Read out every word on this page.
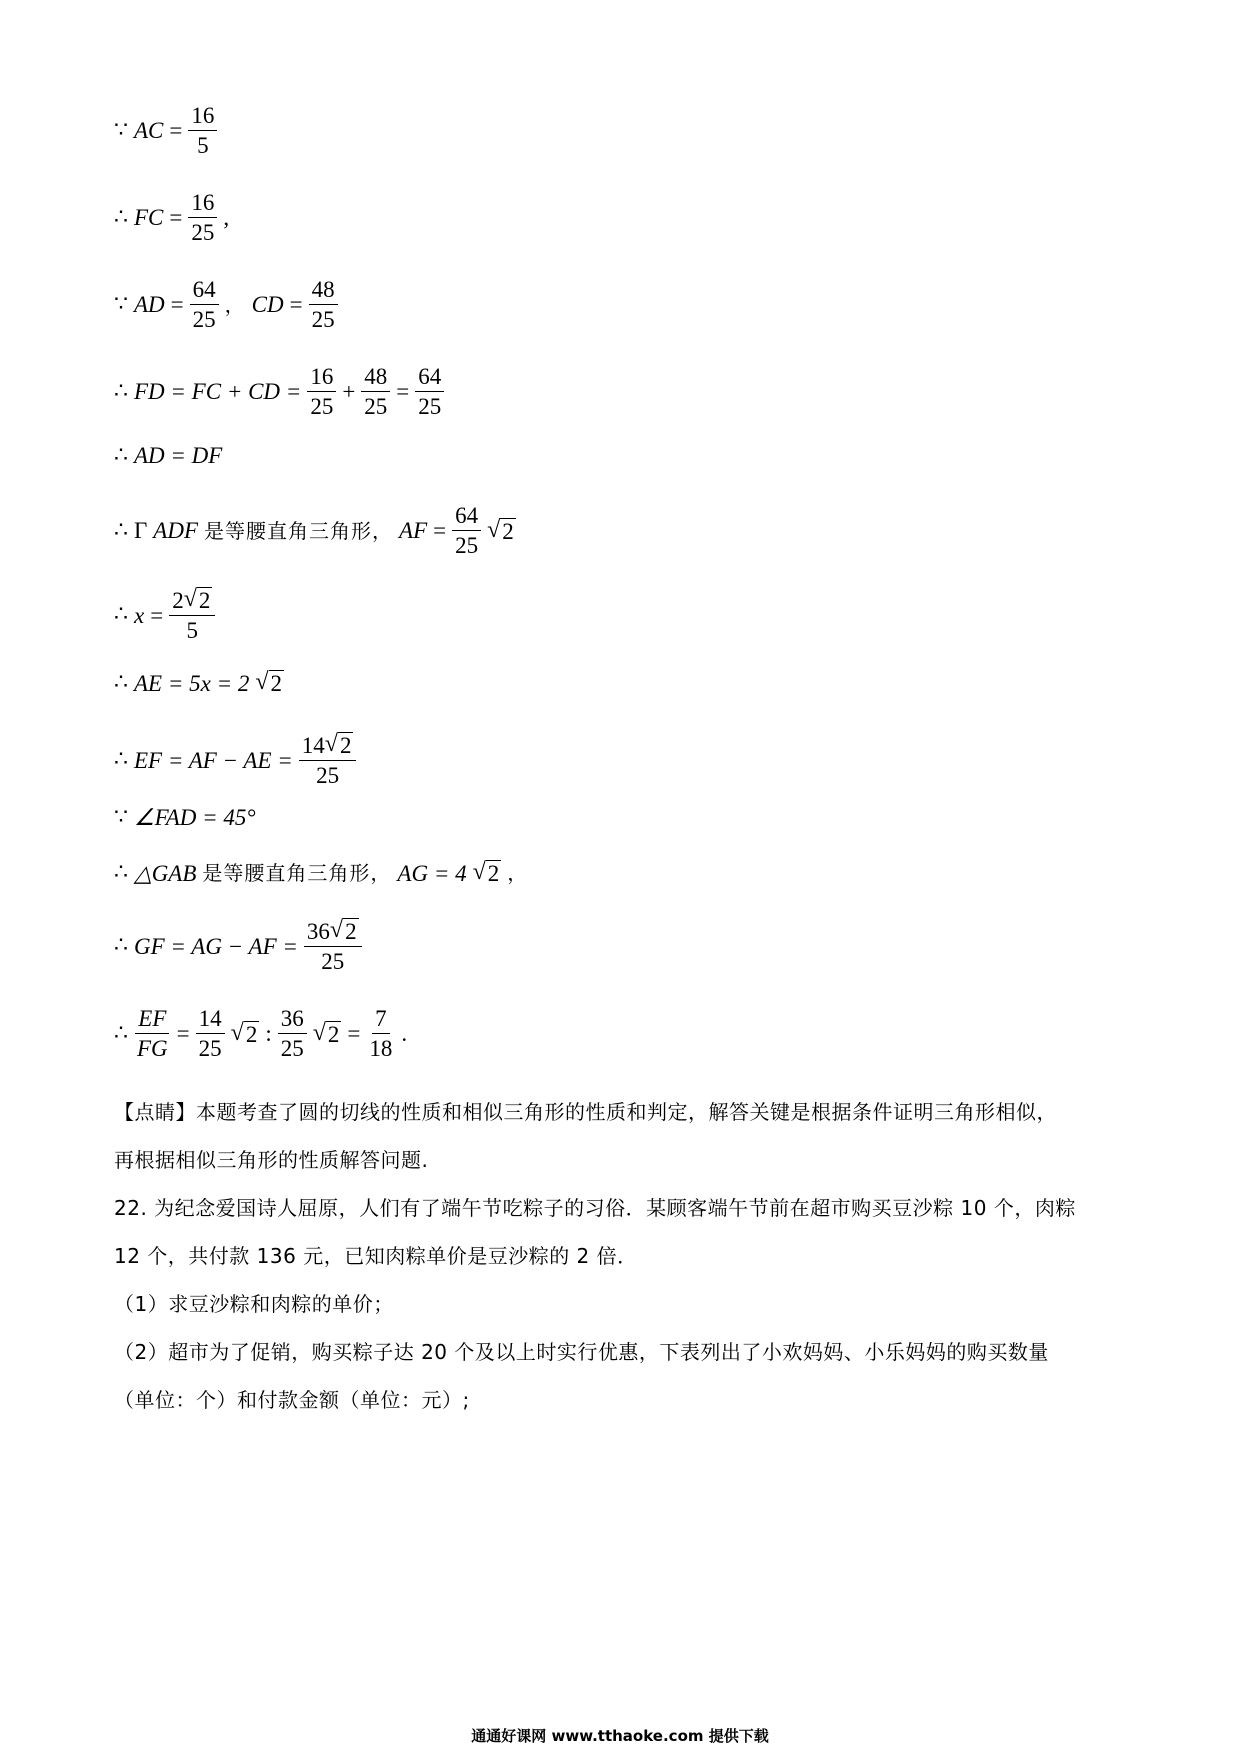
∵ AC = $\frac{16}{5}$
∴ FC = $\frac{16}{25}$ ,
∵ AD = $\frac{64}{25}$ ， CD = $\frac{48}{25}$
∴ FD = FC + CD = $\frac{16}{25} + \frac{48}{25} = \frac{64}{25}$
∴ AD = DF
∴ Γ ADF 是等腰直角三角形， AF = $\frac{64}{25}$ √ 2
∴ $x = \frac{2 √ 2}{5}$
∴ AE = 5x = 2 √ 2
∴ EF = AF − AE = $\frac{14 √ 2}{25}$
∵ ∠FAD = 45°
∴ △GAB 是等腰直角三角形， AG = 4 √ 2 ，
∴ GF = AG − AF = $\frac{36 √ 2}{25}$
∴ $\frac{EF}{FG} = \frac{14}{25}$ √ 2 : $\frac{36}{25}$ √ $2 = \frac{7}{18}$ .
【点睛】本题考查了圆的切线的性质和相似三角形的性质和判定，解答关键是根据条件证明三角形相似，
再根据相似三角形的性质解答问题.
22. 为纪念爱国诗人屈原，人们有了端午节吃粽子的习俗．某顾客端午节前在超市购买豆沙粽 10 个，肉粽
12 个，共付款 136 元，已知肉粽单价是豆沙粽的 2 倍．
（1）求豆沙粽和肉粽的单价；
（2）超市为了促销，购买粽子达 20 个及以上时实行优惠，下表列出了小欢妈妈、小乐妈妈的购买数量
（单位：个）和付款金额（单位：元）;
通通好课网 www.tthaoke.com 提供下载
